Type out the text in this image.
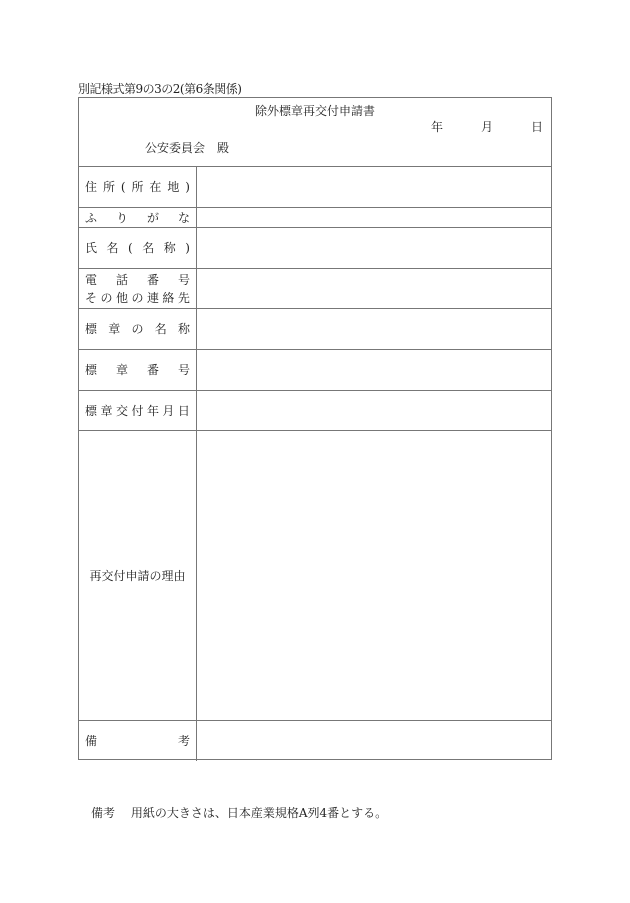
別記様式第9の3の2(第6条関係)
除外標章再交付申請書
年	月	日
公安委員会　殿
住 所 ( 所 在 地 )
ふ り が な
氏 名 ( 名 称 )
電 話 番 号
そ の 他 の 連 絡 先
標 章 の 名 称
標 章 番 号
標 章 交 付 年 月 日
再交付申請の理由
備	考
備考 用紙の大きさは、日本産業規格A列4番とする。
